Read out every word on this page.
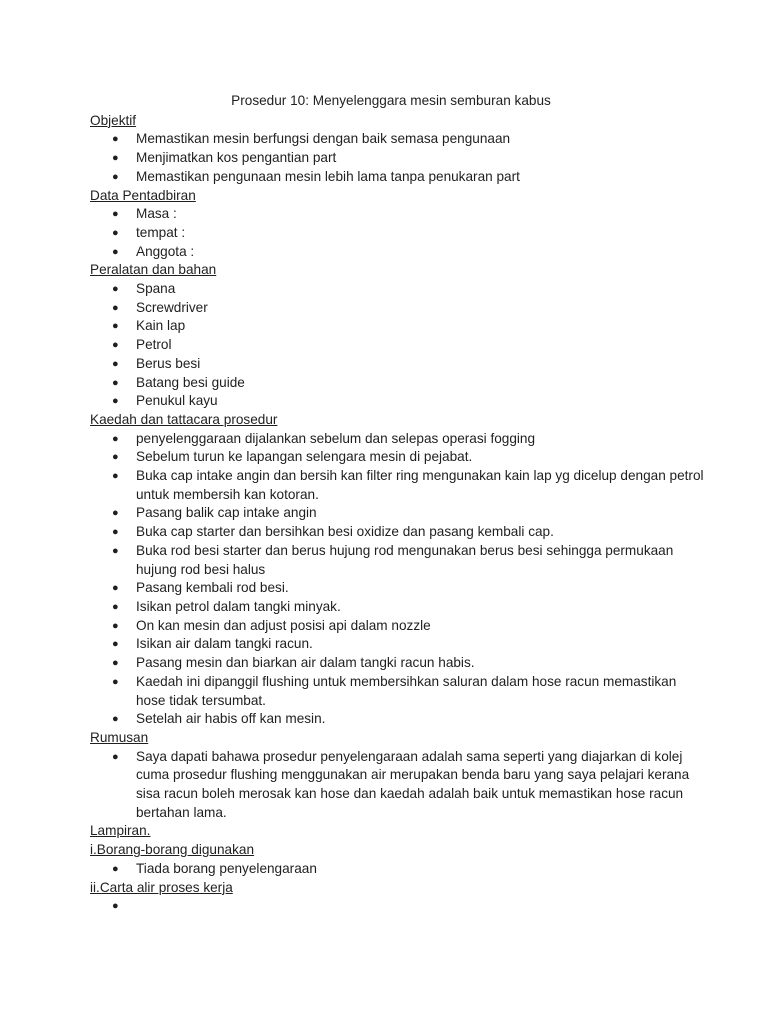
Prosedur 10: Menyelenggara mesin semburan kabus
Objektif
● Memastikan mesin berfungsi dengan baik semasa pengunaan
● Menjimatkan kos pengantian part
● Memastikan pengunaan mesin lebih lama tanpa penukaran part
Data Pentadbiran
● Masa :
● tempat :
● Anggota :
Peralatan dan bahan
● Spana
● Screwdriver
● Kain lap
● Petrol
● Berus besi
● Batang besi guide
● Penukul kayu
Kaedah dan tattacara prosedur
● penyelenggaraan dijalankan sebelum dan selepas operasi fogging
● Sebelum turun ke lapangan selengara mesin di pejabat.
● Buka cap intake angin dan bersih kan filter ring mengunakan kain lap yg dicelup dengan petrol untuk membersih kan kotoran.
● Pasang balik cap intake angin
● Buka cap starter dan bersihkan besi oxidize dan pasang kembali cap.
● Buka rod besi starter dan berus hujung rod mengunakan berus besi sehingga permukaan hujung rod besi halus
● Pasang kembali rod besi.
● Isikan petrol dalam tangki minyak.
● On kan mesin dan adjust posisi api dalam nozzle
● Isikan air dalam tangki racun.
● Pasang mesin dan biarkan air dalam tangki racun habis.
● Kaedah ini dipanggil flushing untuk membersihkan saluran dalam hose racun memastikan hose tidak tersumbat.
● Setelah air habis off kan mesin.
Rumusan
● Saya dapati bahawa prosedur penyelengaraan adalah sama seperti yang diajarkan di kolej cuma prosedur flushing menggunakan air merupakan benda baru yang saya pelajari kerana sisa racun boleh merosak kan hose dan kaedah adalah baik untuk memastikan hose racun bertahan lama.
Lampiran.
i.Borang-borang digunakan
● Tiada borang penyelengaraan
ii.Carta alir proses kerja
●
